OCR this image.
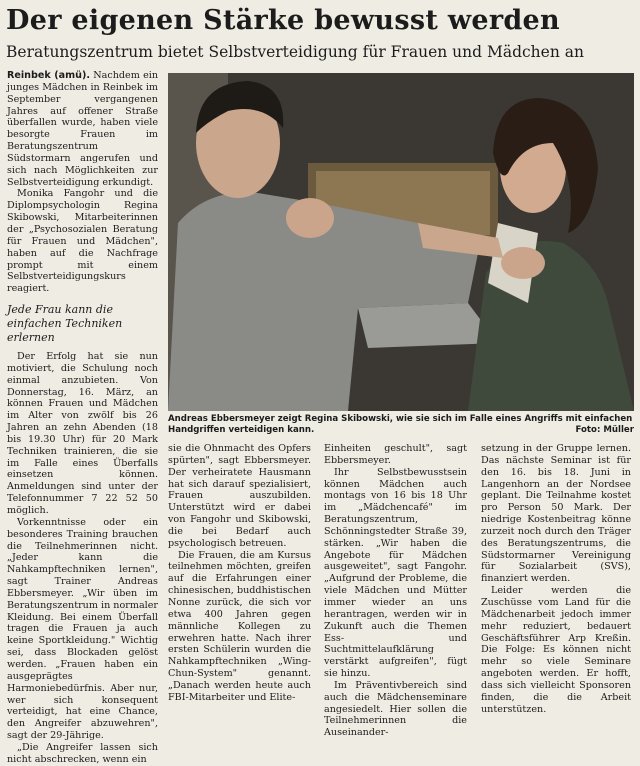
Der eigenen Stärke bewusst werden
Beratungszentrum bietet Selbstverteidigung für Frauen und Mädchen an

Reinbek (amü). Nachdem ein junges Mädchen in Reinbek im September vergangenen Jahres auf offener Straße überfallen wurde, haben viele besorgte Frauen im Beratungszentrum Südstormarn angerufen und sich nach Möglichkeiten zur Selbstverteidigung erkundigt.

Monika Fangohr und die Diplompsychologin Regina Skibowski, Mitarbeiterinnen der „Psychosozialen Beratung für Frauen und Mädchen", haben auf die Nachfrage prompt mit einem Selbstverteidigungskurs reagiert.

Jede Frau kann die einfachen Techniken erlernen

Der Erfolg hat sie nun motiviert, die Schulung noch einmal anzubieten. Von Donnerstag, 16. März, an können Frauen und Mädchen im Alter von zwölf bis 26 Jahren an zehn Abenden (18 bis 19.30 Uhr) für 20 Mark Techniken trainieren, die sie im Falle eines Überfalls einsetzen können. Anmeldungen sind unter der Telefonnummer 7 22 52 50 möglich.

Vorkenntnisse oder ein besonderes Training brauchen die Teilnehmerinnen nicht. „Jeder kann die Nahkampftechniken lernen", sagt Trainer Andreas Ebbersmeyer. „Wir üben im Beratungszentrum in normaler Kleidung. Bei einem Überfall tragen die Frauen ja auch keine Sportkleidung." Wichtig sei, dass Blockaden gelöst werden. „Frauen haben ein ausgeprägtes Harmoniebedürfnis. Aber nur, wer sich konsequent verteidigt, hat eine Chance, den Angreifer abzuwehren", sagt der 29-Jährige.

„Die Angreifer lassen sich nicht abschrecken, wenn ein

Andreas Ebbersmeyer zeigt Regina Skibowski, wie sie sich im Falle eines Angriffs mit einfachen Handgriffen verteidigen kann.	Foto: Müller

sie die Ohnmacht des Opfers spürten", sagt Ebbersmeyer. Der verheiratete Hausmann hat sich darauf spezialisiert, Frauen auszubilden. Unterstützt wird er dabei von Fangohr und Skibowski, die bei Bedarf auch psychologisch betreuen.

Die Frauen, die am Kursus teilnehmen möchten, greifen auf die Erfahrungen einer chinesischen, buddhistischen Nonne zurück, die sich vor etwa 400 Jahren gegen männliche Kollegen zu erwehren hatte. Nach ihrer ersten Schülerin wurden die Nahkampftechniken „Wing-Chun-System" genannt. „Danach werden heute auch FBI-Mitarbeiter und Elite-

Einheiten geschult", sagt Ebbersmeyer.

Ihr Selbstbewusstsein können Mädchen auch montags von 16 bis 18 Uhr im „Mädchencafé" im Beratungszentrum, Schönningstedter Straße 39, stärken. „Wir haben die Angebote für Mädchen ausgeweitet", sagt Fangohr. „Aufgrund der Probleme, die viele Mädchen und Mütter immer wieder an uns herantragen, werden wir in Zukunft auch die Themen Ess- und Suchtmittelaufklärung verstärkt aufgreifen", fügt sie hinzu.

Im Präventivbereich sind auch die Mädchenseminare angesiedelt. Hier sollen die Teilnehmerinnen die Auseinander-

setzung in der Gruppe lernen. Das nächste Seminar ist für den 16. bis 18. Juni in Langenhorn an der Nordsee geplant. Die Teilnahme kostet pro Person 50 Mark. Der niedrige Kostenbeitrag könne zurzeit noch durch den Träger des Beratungszentrums, die Südstormarner Vereinigung für Sozialarbeit (SVS), finanziert werden.

Leider werden die Zuschüsse vom Land für die Mädchenarbeit jedoch immer mehr reduziert, bedauert Geschäftsführer Arp Kreßin. Die Folge: Es können nicht mehr so viele Seminare angeboten werden. Er hofft, dass sich vielleicht Sponsoren finden, die die Arbeit unterstützen.
